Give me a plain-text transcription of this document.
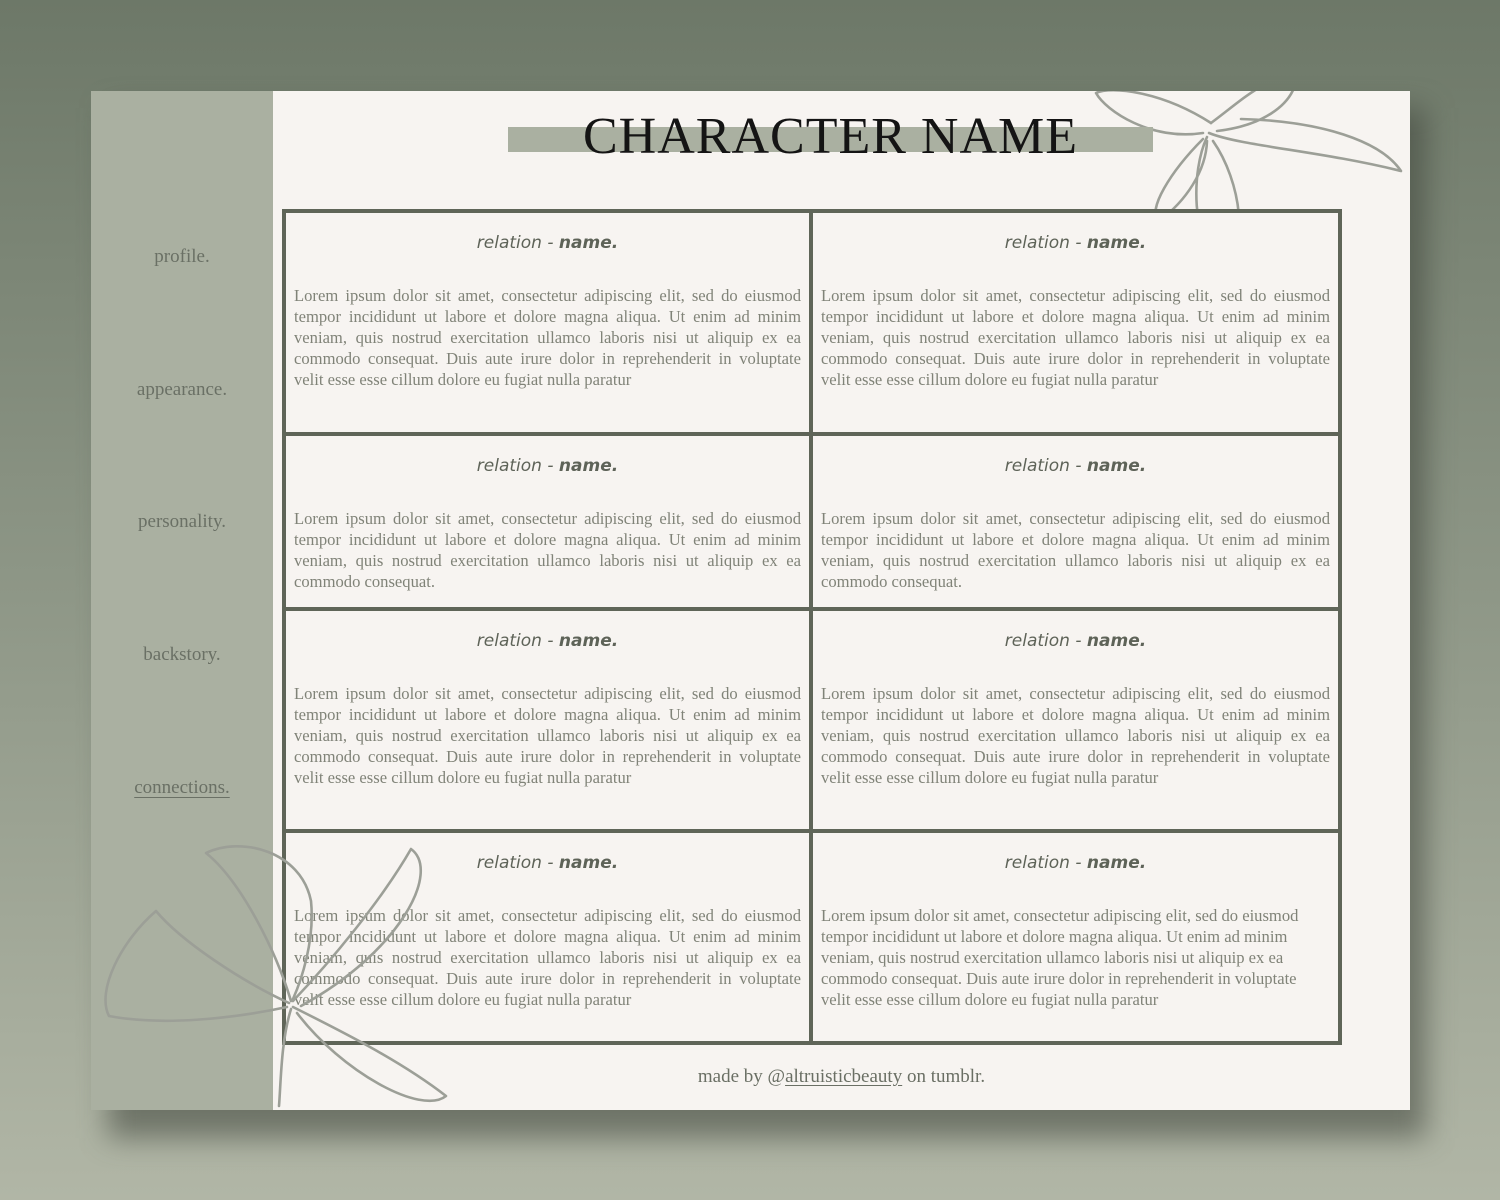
profile.
appearance.
personality.
backstory.
connections.
CHARACTER NAME
relation - name.
Lorem ipsum dolor sit amet, consectetur adipiscing elit, sed do eiusmod tempor incididunt ut labore et dolore magna aliqua. Ut enim ad minim veniam, quis nostrud exercitation ullamco laboris nisi ut aliquip ex ea commodo consequat. Duis aute irure dolor in reprehenderit in voluptate velit esse esse cillum dolore eu fugiat nulla paratur
relation - name.
Lorem ipsum dolor sit amet, consectetur adipiscing elit, sed do eiusmod tempor incididunt ut labore et dolore magna aliqua. Ut enim ad minim veniam, quis nostrud exercitation ullamco laboris nisi ut aliquip ex ea commodo consequat. Duis aute irure dolor in reprehenderit in voluptate velit esse esse cillum dolore eu fugiat nulla paratur
relation - name.
Lorem ipsum dolor sit amet, consectetur adipiscing elit, sed do eiusmod tempor incididunt ut labore et dolore magna aliqua. Ut enim ad minim veniam, quis nostrud exercitation ullamco laboris nisi ut aliquip ex ea commodo consequat.
relation - name.
Lorem ipsum dolor sit amet, consectetur adipiscing elit, sed do eiusmod tempor incididunt ut labore et dolore magna aliqua. Ut enim ad minim veniam, quis nostrud exercitation ullamco laboris nisi ut aliquip ex ea commodo consequat.
relation - name.
Lorem ipsum dolor sit amet, consectetur adipiscing elit, sed do eiusmod tempor incididunt ut labore et dolore magna aliqua. Ut enim ad minim veniam, quis nostrud exercitation ullamco laboris nisi ut aliquip ex ea commodo consequat. Duis aute irure dolor in reprehenderit in voluptate velit esse esse cillum dolore eu fugiat nulla paratur
relation - name.
Lorem ipsum dolor sit amet, consectetur adipiscing elit, sed do eiusmod tempor incididunt ut labore et dolore magna aliqua. Ut enim ad minim veniam, quis nostrud exercitation ullamco laboris nisi ut aliquip ex ea commodo consequat. Duis aute irure dolor in reprehenderit in voluptate velit esse esse cillum dolore eu fugiat nulla paratur
relation - name.
Lorem ipsum dolor sit amet, consectetur adipiscing elit, sed do eiusmod tempor incididunt ut labore et dolore magna aliqua. Ut enim ad minim veniam, quis nostrud exercitation ullamco laboris nisi ut aliquip ex ea commodo consequat. Duis aute irure dolor in reprehenderit in voluptate velit esse esse cillum dolore eu fugiat nulla paratur
relation - name.
Lorem ipsum dolor sit amet, consectetur adipiscing elit, sed do eiusmod tempor incididunt ut labore et dolore magna aliqua. Ut enim ad minim veniam, quis nostrud exercitation ullamco laboris nisi ut aliquip ex ea commodo consequat. Duis aute irure dolor in reprehenderit in voluptate velit esse esse cillum dolore eu fugiat nulla paratur
made by @altruisticbeauty on tumblr.
